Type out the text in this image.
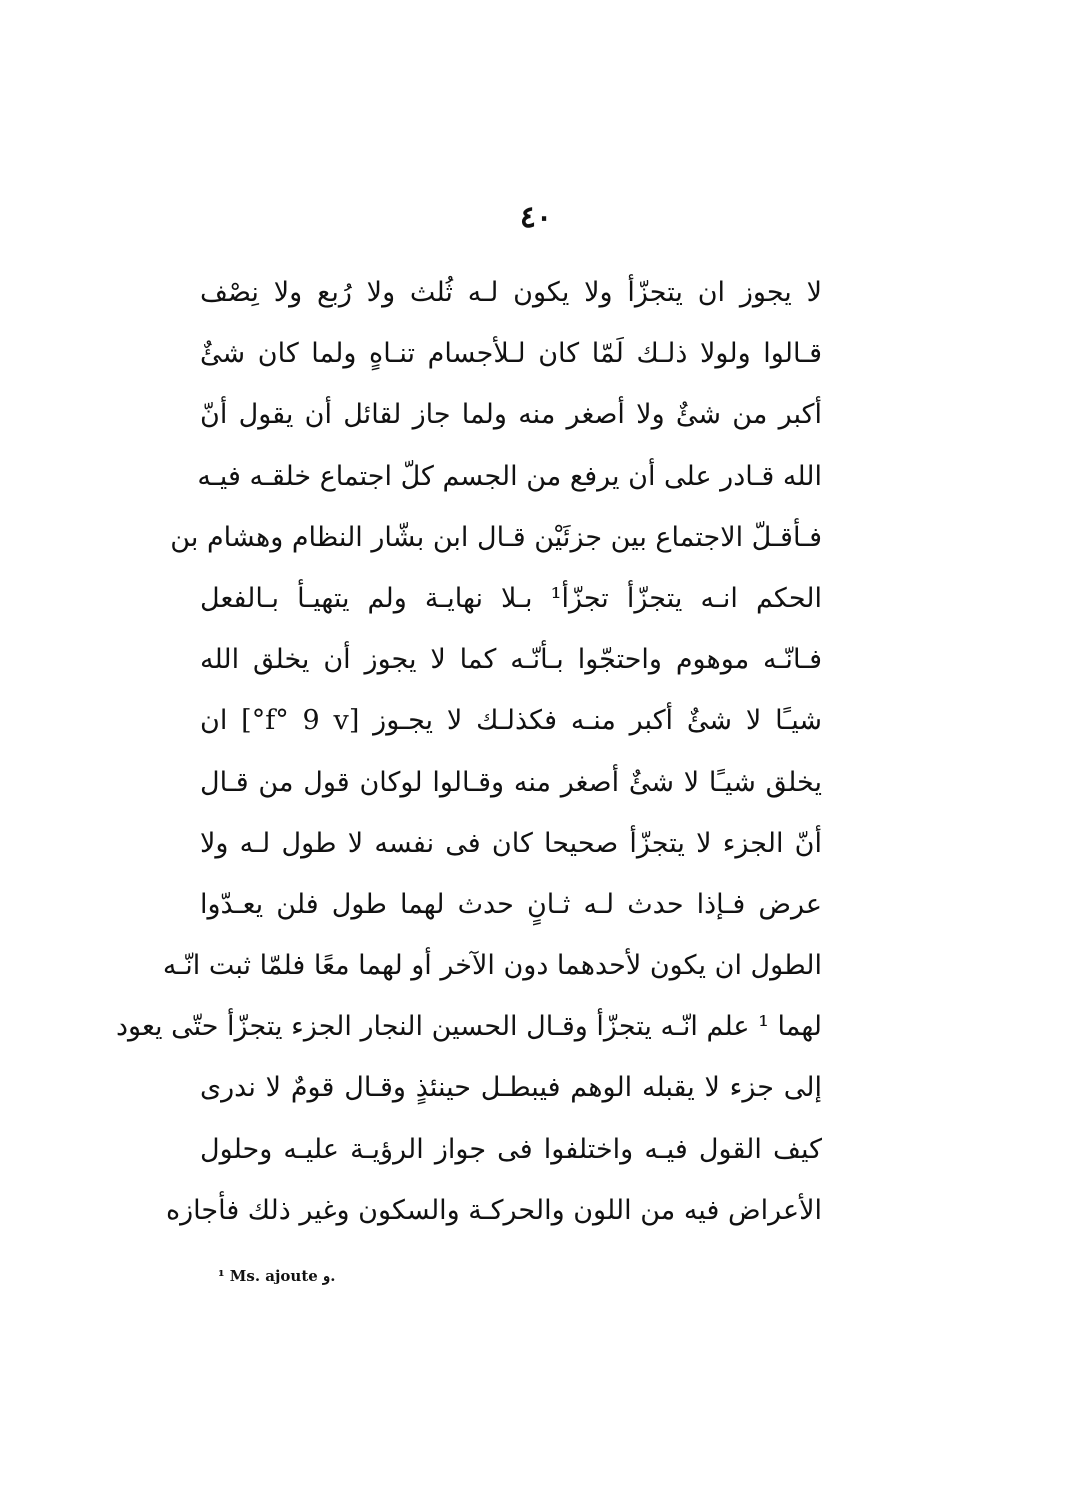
٤٠
لا يجوز ان يتجزّأ ولا يكون لـه ثُلث ولا رُبع ولا نِصْف
قـالوا ولولا ذلـك لَمّا كان لـلأجسام تنـاهٍ ولما كان شئٌ
أكبر من شئٌ ولا أصغر منه ولما جاز لقائل أن يقول أنّ
الله قـادر على أن يرفع من الجسم كلّ اجتماع خلقـه فيـه
فـأقـلّ الاجتماع بين جزئَيْن قـال ابن بشّار النظام وهشام بن
الحكم انـه يتجزّأ تجزّأ¹ بـلا نهايـة ولم يتهيـأ بـالفعل
فـانّـه موهوم واحتجّوا بـأنّـه كما لا يجوز أن يخلق الله
شيـًا لا شئٌ أكبر منـه فكذلـك لا يجـوز [f° 9 v°] ان
يخلق شيـًا لا شئٌ أصغر منه وقـالوا لوكان قول من قـال
أنّ الجزء لا يتجزّأ صحيحا كان فى نفسه لا طول لـه ولا
عرض فـإذا حدث لـه ثـانٍ حدث لهما طول فلن يعـدّوا
الطول ان يكون لأحدهما دون الآخر أو لهما معًا فلمّا ثبت انّـه
لهما ¹ علم انّـه يتجزّأ وقـال الحسين النجار الجزء يتجزّأ حتّى يعود
إلى جزء لا يقبله الوهم فيبطـل حينئذٍ وقـال قومٌ لا ندرى
كيف القول فيـه واختلفوا فى جواز الرؤيـة عليـه وحلول
الأعراض فيه من اللون والحركـة والسكون وغير ذلك فأجازه
¹ Ms. ajoute و.
